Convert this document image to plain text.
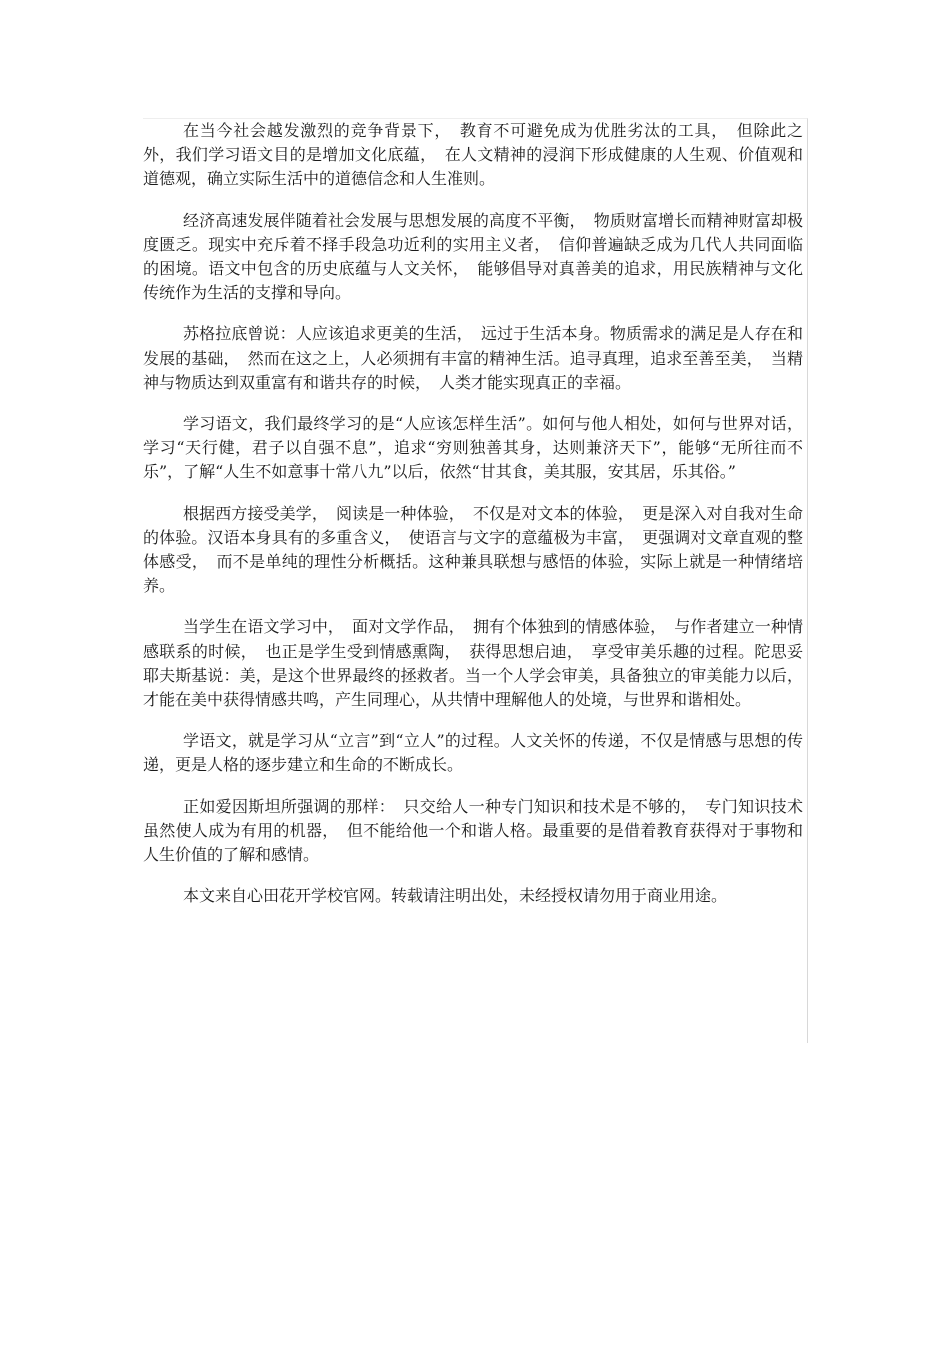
在当今社会越发激烈的竞争背景下，　教育不可避免成为优胜劣汰的工具，　但除此之外，我们学习语文目的是增加文化底蕴，　在人文精神的浸润下形成健康的人生观、价值观和道德观，确立实际生活中的道德信念和人生准则。

经济高速发展伴随着社会发展与思想发展的高度不平衡，　物质财富增长而精神财富却极度匮乏。现实中充斥着不择手段急功近利的实用主义者，　信仰普遍缺乏成为几代人共同面临的困境。语文中包含的历史底蕴与人文关怀，　能够倡导对真善美的追求，用民族精神与文化传统作为生活的支撑和导向。

苏格拉底曾说：人应该追求更美的生活，　远过于生活本身。物质需求的满足是人存在和发展的基础，　然而在这之上，人必须拥有丰富的精神生活。追寻真理，追求至善至美，　当精神与物质达到双重富有和谐共存的时候，　人类才能实现真正的幸福。

学习语文，我们最终学习的是“人应该怎样生活”。如何与他人相处，如何与世界对话，学习“天行健，君子以自强不息”，追求“穷则独善其身，达则兼济天下”，能够“无所往而不乐”，了解“人生不如意事十常八九”以后，依然“甘其食，美其服，安其居，乐其俗。”

根据西方接受美学，　阅读是一种体验，　不仅是对文本的体验，　更是深入对自我对生命的体验。汉语本身具有的多重含义，　使语言与文字的意蕴极为丰富，　更强调对文章直观的整体感受，　而不是单纯的理性分析概括。这种兼具联想与感悟的体验，实际上就是一种情绪培养。

当学生在语文学习中，　面对文学作品，　拥有个体独到的情感体验，　与作者建立一种情感联系的时候，　也正是学生受到情感熏陶，　获得思想启迪，　享受审美乐趣的过程。陀思妥耶夫斯基说：美，是这个世界最终的拯救者。当一个人学会审美，具备独立的审美能力以后，才能在美中获得情感共鸣，产生同理心，从共情中理解他人的处境，与世界和谐相处。

学语文，就是学习从“立言”到“立人”的过程。人文关怀的传递，不仅是情感与思想的传递，更是人格的逐步建立和生命的不断成长。

正如爱因斯坦所强调的那样：　只交给人一种专门知识和技术是不够的，　专门知识技术虽然使人成为有用的机器，　但不能给他一个和谐人格。最重要的是借着教育获得对于事物和人生价值的了解和感情。

本文来自心田花开学校官网。转载请注明出处，未经授权请勿用于商业用途。
